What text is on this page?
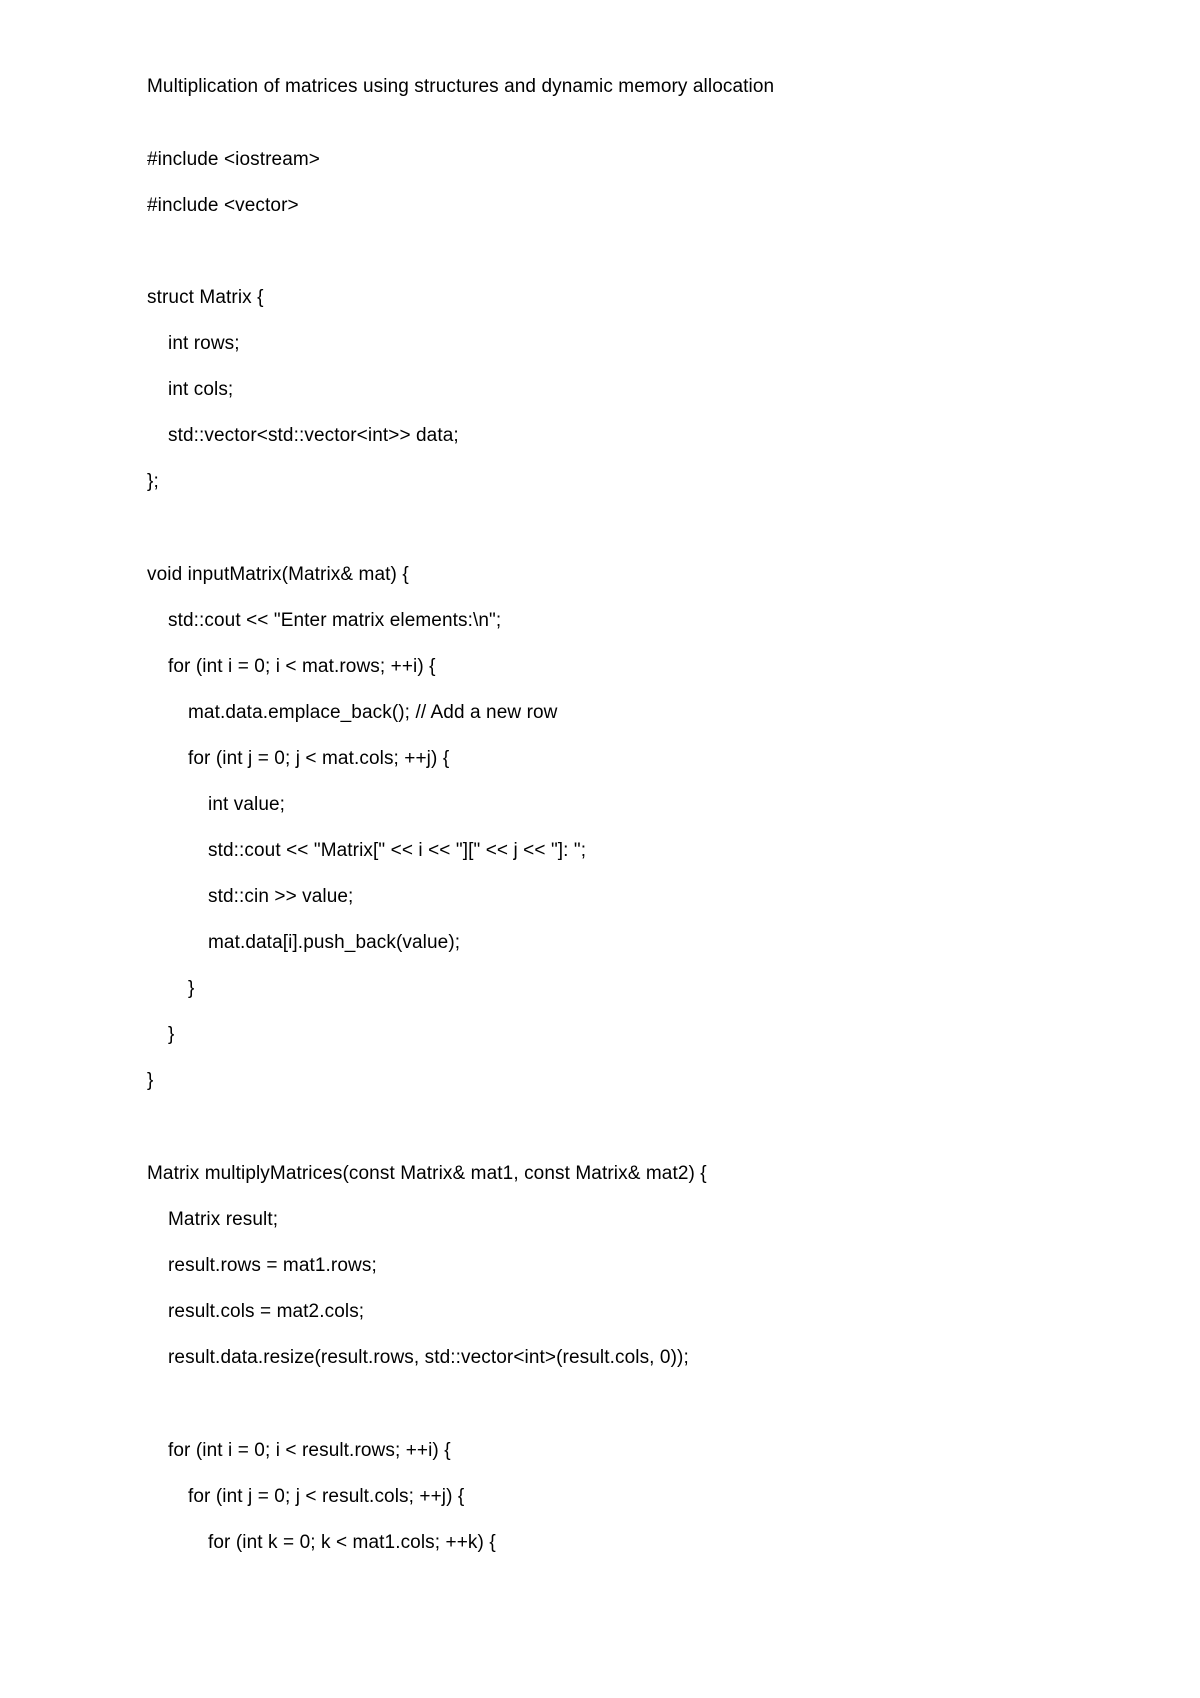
Multiplication of matrices using structures and dynamic memory allocation
#include <iostream>
#include <vector>
struct Matrix {
int rows;
int cols;
std::vector<std::vector<int>> data;
};
void inputMatrix(Matrix& mat) {
std::cout << "Enter matrix elements:\n";
for (int i = 0; i < mat.rows; ++i) {
mat.data.emplace_back(); // Add a new row
for (int j = 0; j < mat.cols; ++j) {
int value;
std::cout << "Matrix[" << i << "][" << j << "]: ";
std::cin >> value;
mat.data[i].push_back(value);
}
}
}
Matrix multiplyMatrices(const Matrix& mat1, const Matrix& mat2) {
Matrix result;
result.rows = mat1.rows;
result.cols = mat2.cols;
result.data.resize(result.rows, std::vector<int>(result.cols, 0));
for (int i = 0; i < result.rows; ++i) {
for (int j = 0; j < result.cols; ++j) {
for (int k = 0; k < mat1.cols; ++k) {
